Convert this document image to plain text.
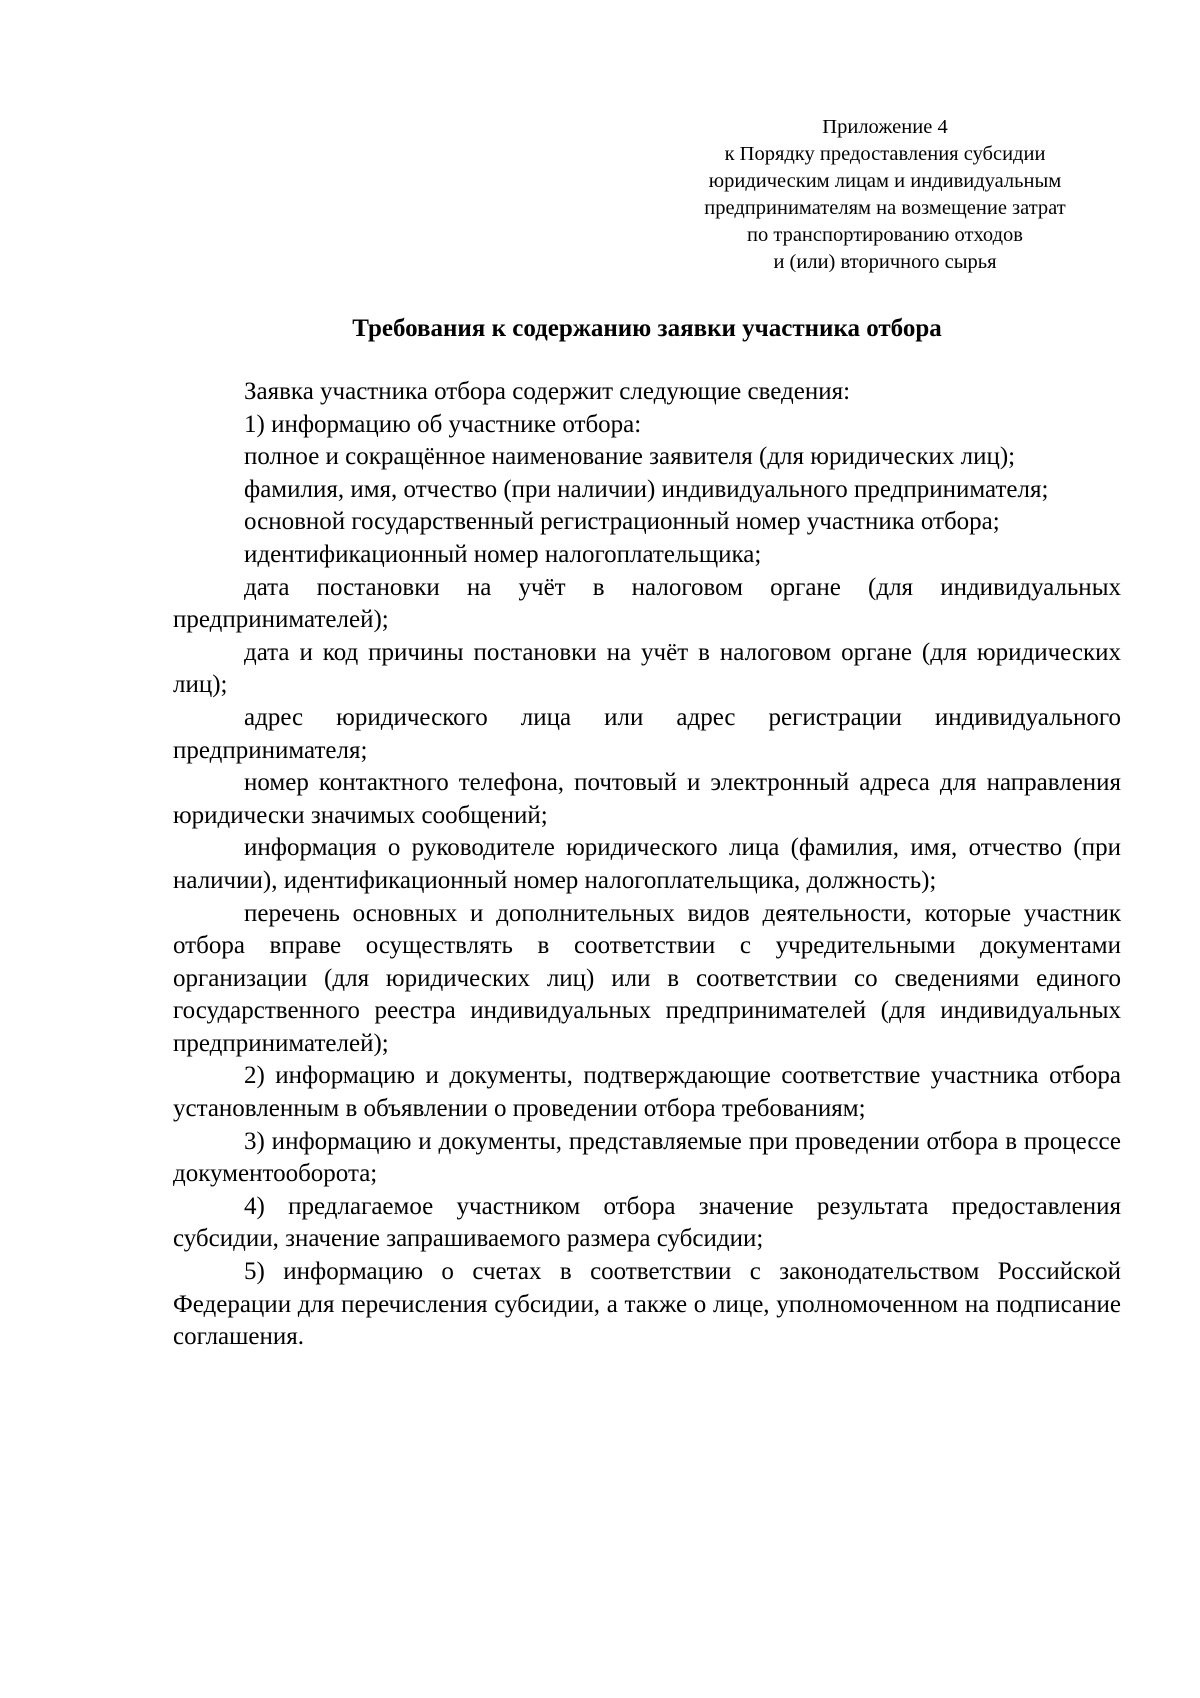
Приложение 4
к Порядку предоставления субсидии
юридическим лицам и индивидуальным
предпринимателям на возмещение затрат
по транспортированию отходов
и (или) вторичного сырья
Требования к содержанию заявки участника отбора

Заявка участника отбора содержит следующие сведения:

1) информацию об участнике отбора:

полное и сокращённое наименование заявителя (для юридических лиц);

фамилия, имя, отчество (при наличии) индивидуального предпринимателя;

основной государственный регистрационный номер участника отбора;

идентификационный номер налогоплательщика;

дата постановки на учёт в налоговом органе (для индивидуальных предпринимателей);

дата и код причины постановки на учёт в налоговом органе (для юридических лиц);

адрес юридического лица или адрес регистрации индивидуального предпринимателя;

номер контактного телефона, почтовый и электронный адреса для направления юридически значимых сообщений;

информация о руководителе юридического лица (фамилия, имя, отчество (при наличии), идентификационный номер налогоплательщика, должность);

перечень основных и дополнительных видов деятельности, которые участник отбора вправе осуществлять в соответствии с учредительными документами организации (для юридических лиц) или в соответствии со сведениями единого государственного реестра индивидуальных предпринимателей (для индивидуальных предпринимателей);

2) информацию и документы, подтверждающие соответствие участника отбора установленным в объявлении о проведении отбора требованиям;

3) информацию и документы, представляемые при проведении отбора в процессе документооборота;

4) предлагаемое участником отбора значение результата предоставления субсидии, значение запрашиваемого размера субсидии;

5) информацию о счетах в соответствии с законодательством Российской Федерации для перечисления субсидии, а также о лице, уполномоченном на подписание соглашения.
